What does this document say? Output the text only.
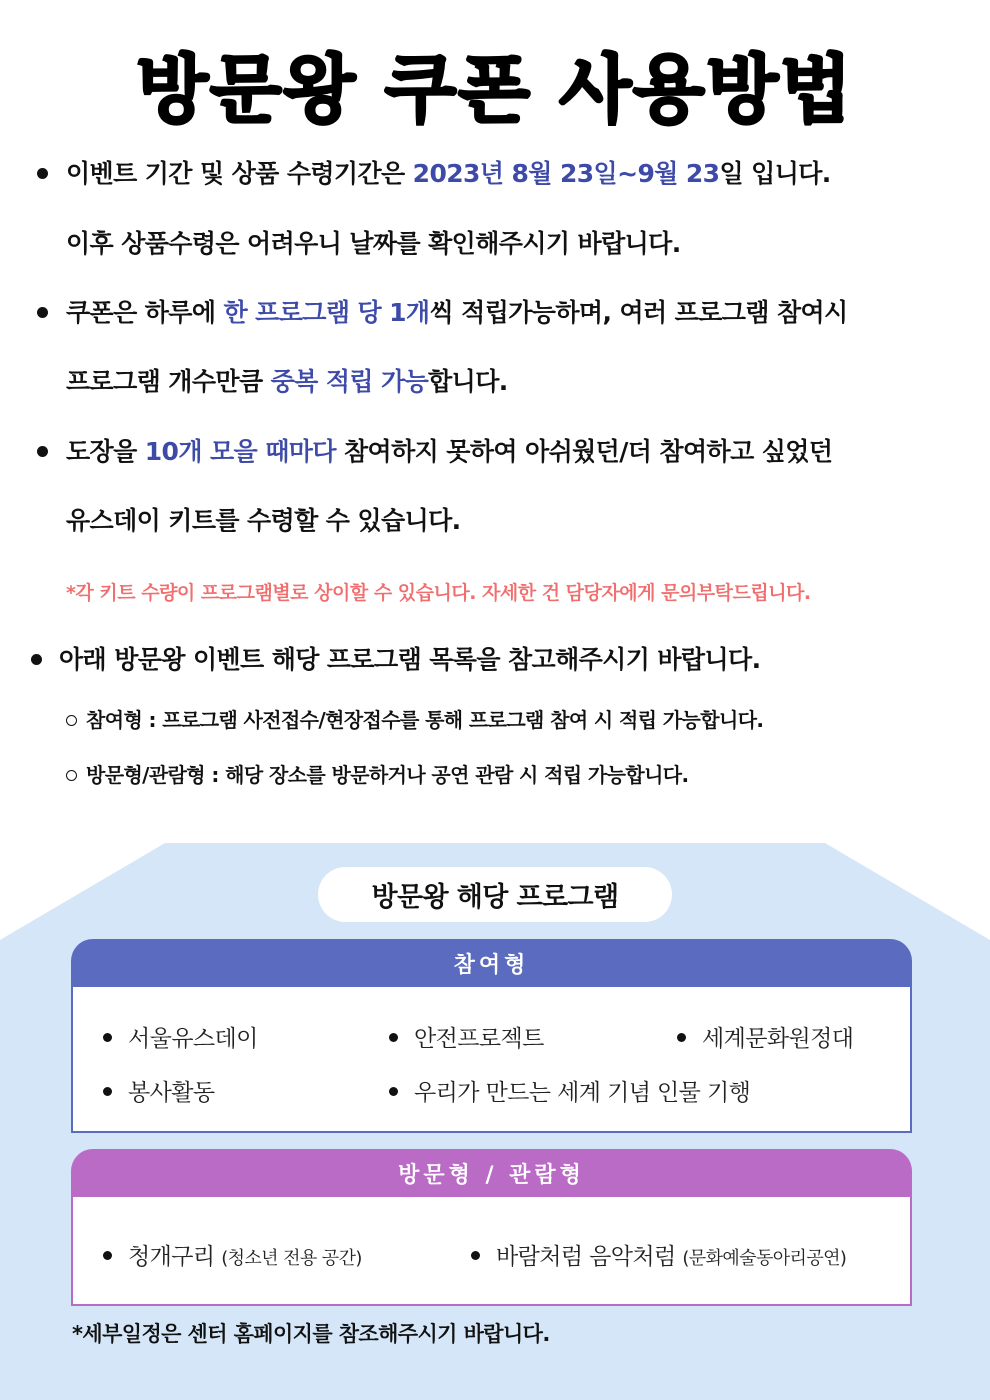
방문왕 쿠폰 사용방법
이벤트 기간 및 상품 수령기간은 2023년 8월 23일~9월 23일 입니다.
이후 상품수령은 어려우니 날짜를 확인해주시기 바랍니다.
쿠폰은 하루에 한 프로그램 당 1개씩 적립가능하며, 여러 프로그램 참여시
프로그램 개수만큼 중복 적립 가능합니다.
도장을 10개 모을 때마다 참여하지 못하여 아쉬웠던/더 참여하고 싶었던
유스데이 키트를 수령할 수 있습니다.
*각 키트 수량이 프로그램별로 상이할 수 있습니다. 자세한 건 담당자에게 문의부탁드립니다.
아래 방문왕 이벤트 해당 프로그램 목록을 참고해주시기 바랍니다.
참여형 : 프로그램 사전접수/현장접수를 통해 프로그램 참여 시 적립 가능합니다.
방문형/관람형 : 해당 장소를 방문하거나 공연 관람 시 적립 가능합니다.
방문왕 해당 프로그램
참여형
서울유스데이	안전프로젝트	세계문화원정대
봉사활동	우리가 만드는 세계 기념 인물 기행
방문형 / 관람형
청개구리 (청소년 전용 공간)	바람처럼 음악처럼 (문화예술동아리공연)
*세부일정은 센터 홈페이지를 참조해주시기 바랍니다.
